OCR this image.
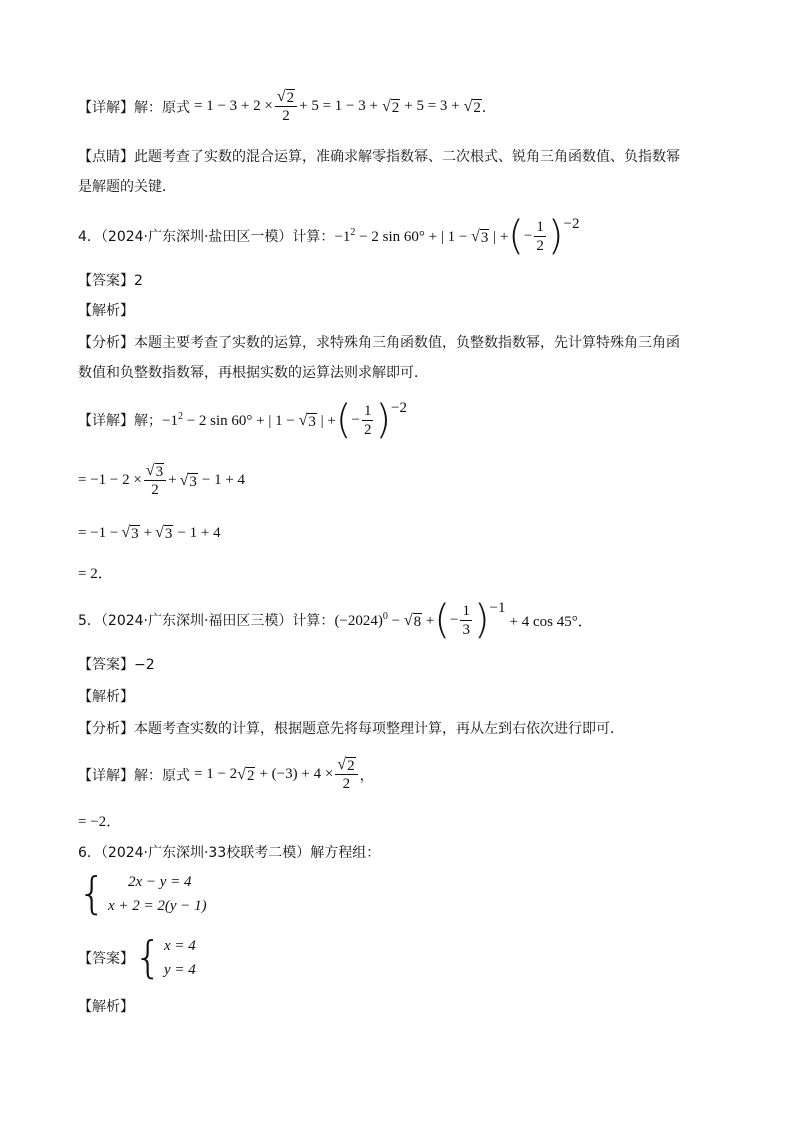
【详解】解：原式 = $1 - 3 + 2 \times \frac{√ 2}{2} + 5 = 1 - 3$ + √ 2 + 5 = 3 + √ 2 ．
【点睛】此题考查了实数的混合运算，准确求解零指数幂、二次根式、锐角三角函数值、负指数幂
是解题的关键．
4．（2024·广东深圳·盐田区一模）计算： $-1^2 - 2$ sin 60° + | 1 − √ 3 | + ( − $\frac{1}{2}$ ) −2
【答案】2
【解析】
【分析】本题主要考查了实数的运算，求特殊角三角函数值，负整数指数幂，先计算特殊角三角函
数值和负整数指数幂，再根据实数的运算法则求解即可．
【详解】解； $-1^2 - 2$ sin 60° + | 1 − √ 3 | + ( − $\frac{1}{2}$ ) −2
= $-1 - 2 \times \frac{√ 3}{2}$ + √ 3 − 1 + 4
= −1 − √ 3 + √ 3 − 1 + 4
= 2．
5．（2024·广东深圳·福田区三模）计算： $(-2024)^0$ − √ 8 + ( − $\frac{1}{3}$ ) −1
+ 4 cos 45°．
【答案】−2
【解析】
【分析】本题考查实数的计算，根据题意先将每项整理计算，再从左到右依次进行即可．
【详解】解：原式 = 1 − 2 √ $2 + (-3) + 4 \times \frac{√ 2}{2}$ ，
= −2．
6．（2024·广东深圳·33校联考二模）解方程组：
{	2x − y = 4
x + 2 = 2(y − 1)
【答案】 { x = 4
y = 4
【解析】
